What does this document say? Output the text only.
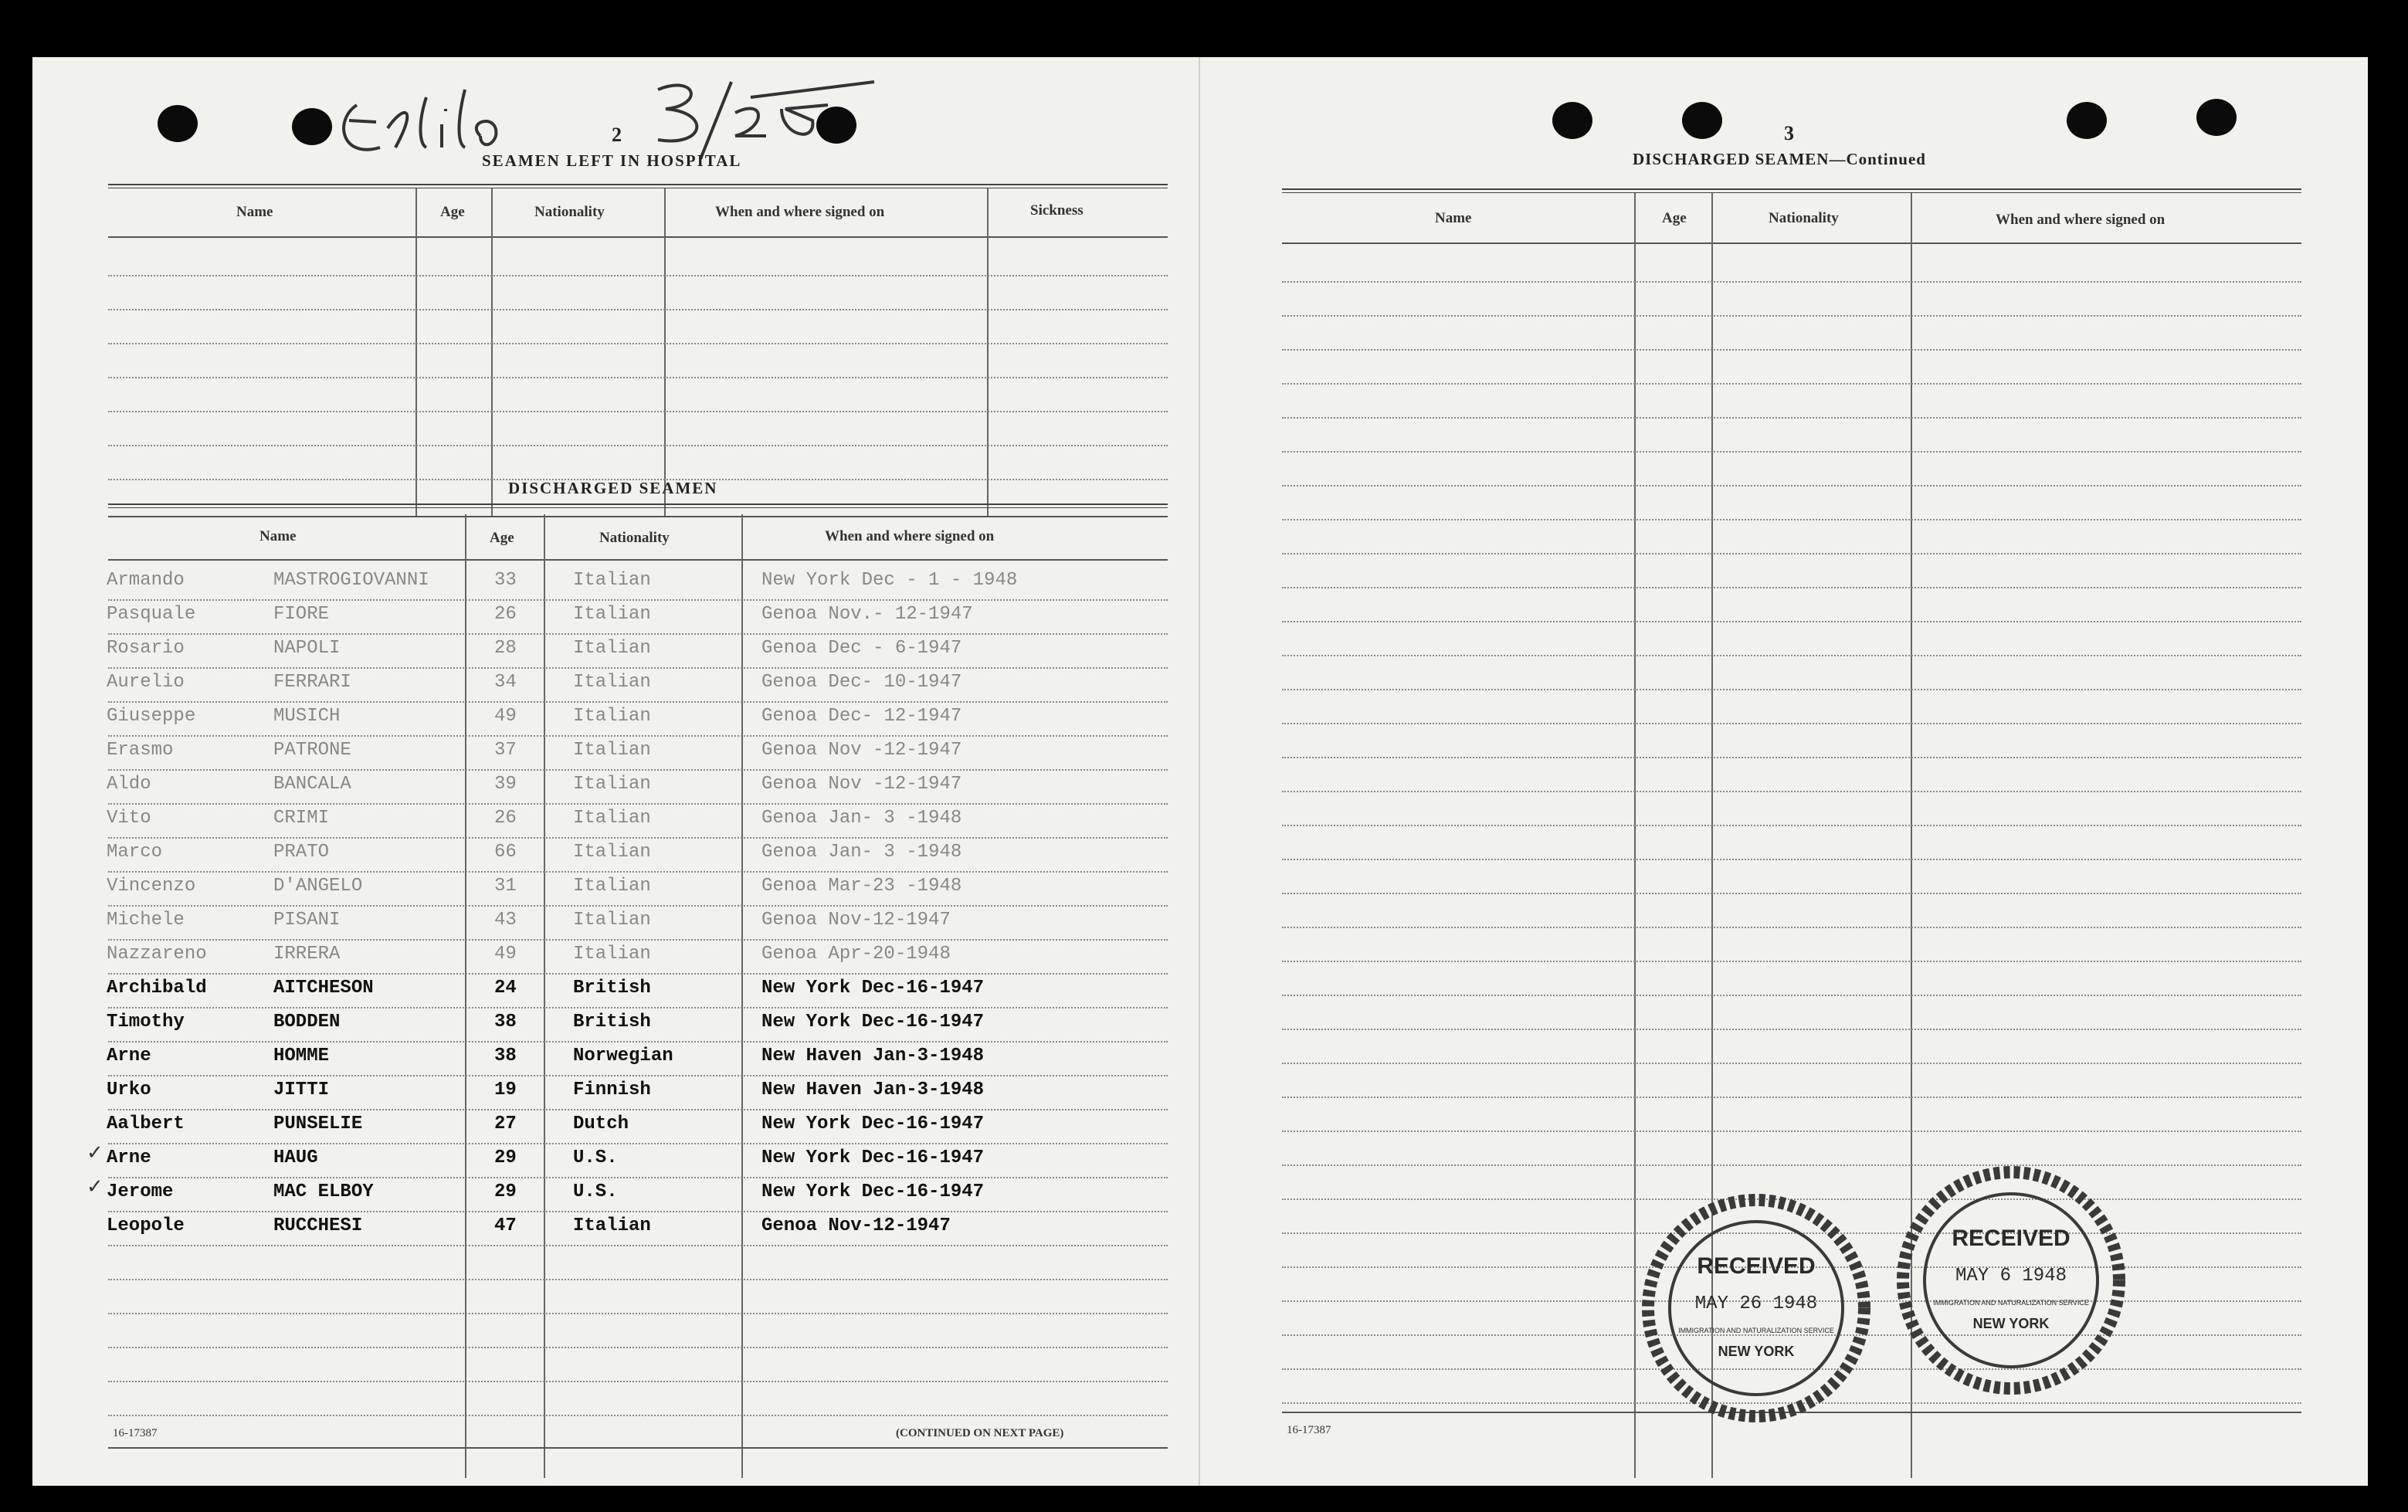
2
SEAMEN LEFT IN HOSPITAL
Name	Age	Nationality	When and where signed on	Sickness
DISCHARGED SEAMEN
Name	Age	Nationality	When and where signed on
Armando	MASTROGIOVANNI	33	Italian	New York Dec - 1 - 1948
Pasquale	FIORE	26	Italian	Genoa Nov.- 12-1947
Rosario	NAPOLI	28	Italian	Genoa Dec - 6-1947
Aurelio	FERRARI	34	Italian	Genoa Dec- 10-1947
Giuseppe	MUSICH	49	Italian	Genoa Dec- 12-1947
Erasmo	PATRONE	37	Italian	Genoa Nov -12-1947
Aldo	BANCALA	39	Italian	Genoa Nov -12-1947
Vito	CRIMI	26	Italian	Genoa Jan- 3 -1948
Marco	PRATO	66	Italian	Genoa Jan- 3 -1948
Vincenzo	D'ANGELO	31	Italian	Genoa Mar-23 -1948
Michele	PISANI	43	Italian	Genoa Nov-12-1947
Nazzareno	IRRERA	49	Italian	Genoa Apr-20-1948
Archibald	AITCHESON	24	British	New York Dec-16-1947
Timothy	BODDEN	38	British	New York Dec-16-1947
Arne	HOMME	38	Norwegian	New Haven Jan-3-1948
Urko	JITTI	19	Finnish	New Haven Jan-3-1948
Aalbert	PUNSELIE	27	Dutch	New York Dec-16-1947
Arne	HAUG	29	U.S.	New York Dec-16-1947
Jerome	MAC ELBOY	29	U.S.	New York Dec-16-1947
Leopole	RUCCHESI	47	Italian	Genoa Nov-12-1947
✓
✓
16-17387	(CONTINUED ON NEXT PAGE)
3
DISCHARGED SEAMEN—Continued
Name	Age	Nationality	When and where signed on
RECEIVED
MAY 26 1948
IMMIGRATION AND NATURALIZATION SERVICE
NEW YORK
RECEIVED
MAY 6 1948
IMMIGRATION AND NATURALIZATION SERVICE
NEW YORK
16-17387
